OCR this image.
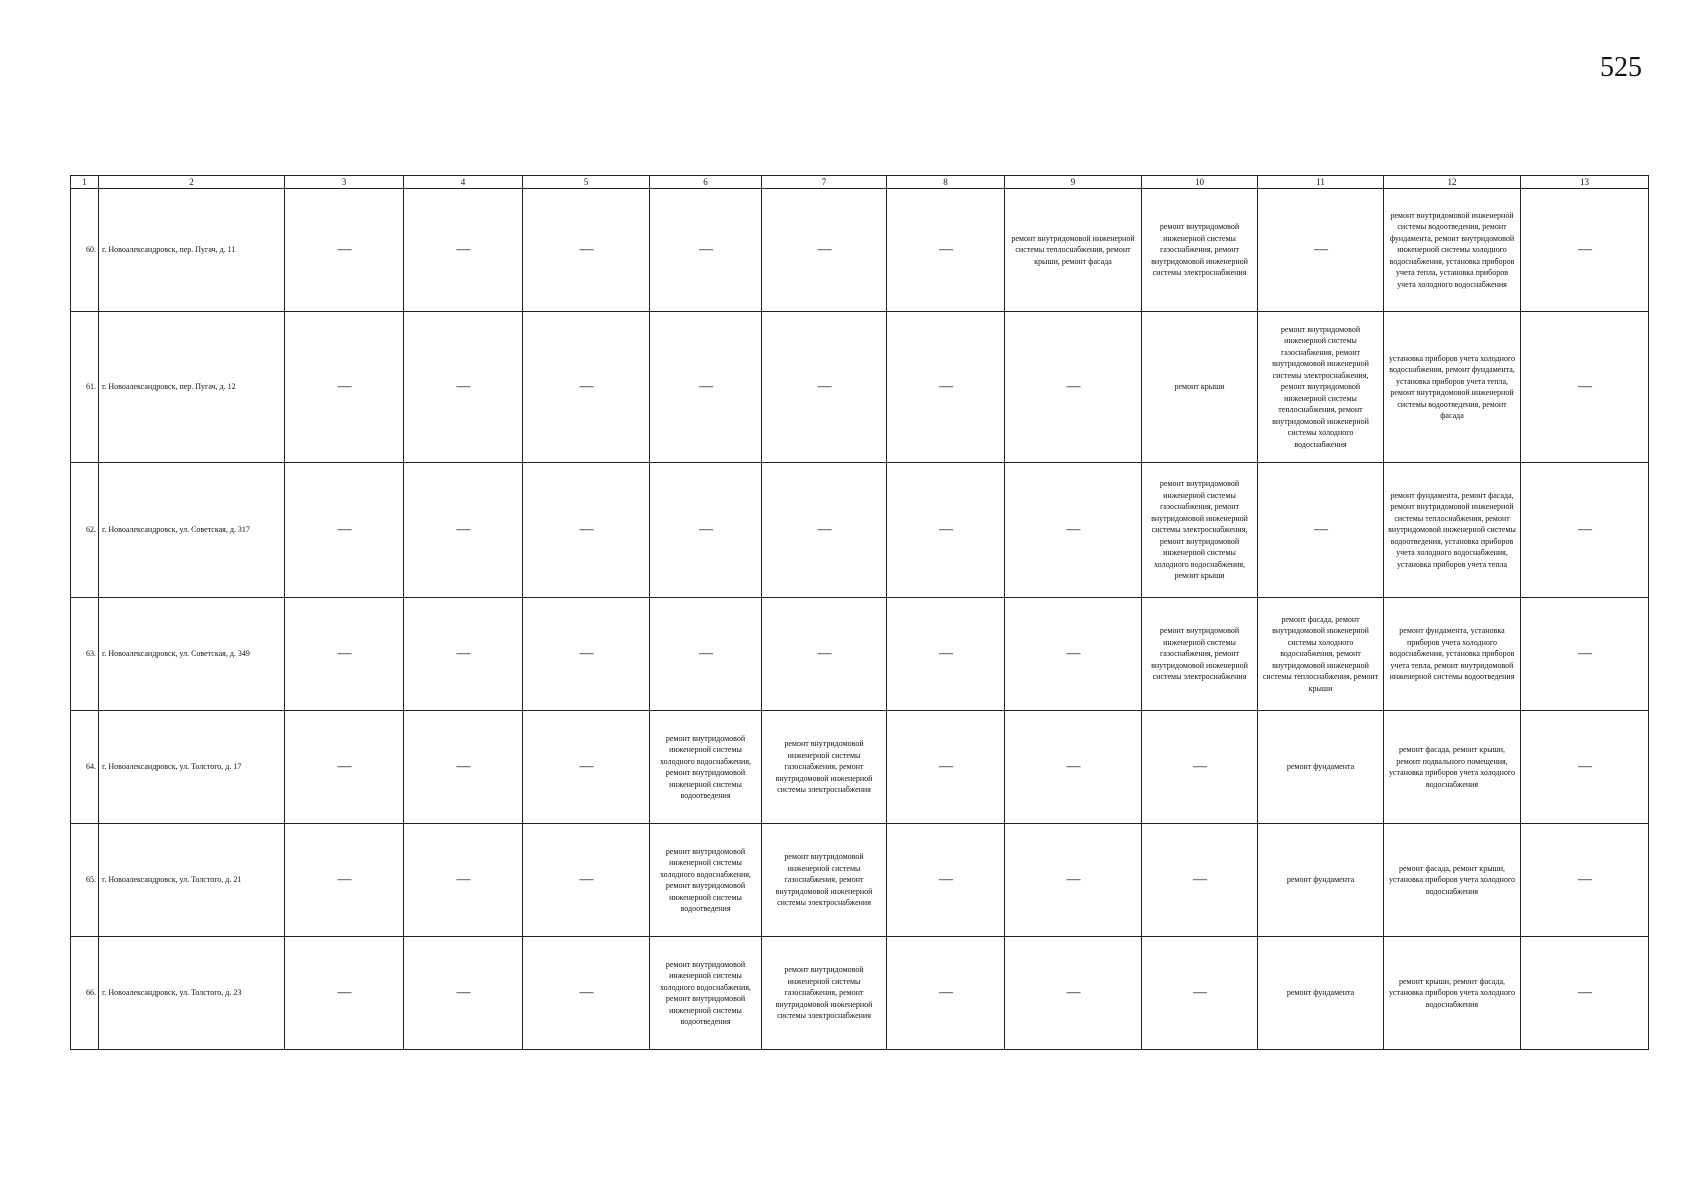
525
1	2	3	4	5	6	7	8	9	10	11	12	13
60.	г. Новоалександровск, пер. Пугач, д. 11	—	—	—	—	—	—	ремонт внутридомовой инженерной системы теплоснабжения, ремонт крыши, ремонт фасада	ремонт внутридомовой инженерной системы газоснабжения, ремонт внутридомовой инженерной системы электроснабжения	—	ремонт внутридомовой инженерной системы водоотведения, ремонт фундамента, ремонт внутридомовой инженерной системы холодного водоснабжения, установка приборов учета тепла, установка приборов учета холодного водоснабжения	—
61.	г. Новоалександровск, пер. Пугач, д. 12	—	—	—	—	—	—	—	ремонт крыши	ремонт внутридомовой инженерной системы газоснабжения, ремонт внутридомовой инженерной системы электроснабжения, ремонт внутридомовой инженерной системы теплоснабжения, ремонт внутридомовой инженерной системы холодного водоснабжения	установка приборов учета холодного водоснабжения, ремонт фундамента, установка приборов учета тепла, ремонт внутридомовой инженерной системы водоотведения, ремонт фасада	—
62.	г. Новоалександровск, ул. Советская, д. 317	—	—	—	—	—	—	—	ремонт внутридомовой инженерной системы газоснабжения, ремонт внутридомовой инженерной системы электроснабжения, ремонт внутридомовой инженерной системы холодного водоснабжения, ремонт крыши	—	ремонт фундамента, ремонт фасада, ремонт внутридомовой инженерной системы теплоснабжения, ремонт внутридомовой инженерной системы водоотведения, установка приборов учета холодного водоснабжения, установка приборов учета тепла	—
63.	г. Новоалександровск, ул. Советская, д. 349	—	—	—	—	—	—	—	ремонт внутридомовой инженерной системы газоснабжения, ремонт внутридомовой инженерной системы электроснабжения	ремонт фасада, ремонт внутридомовой инженерной системы холодного водоснабжения, ремонт внутридомовой инженерной системы теплоснабжения, ремонт крыши	ремонт фундамента, установка приборов учета холодного водоснабжения, установка приборов учета тепла, ремонт внутридомовой инженерной системы водоотведения	—
64.	г. Новоалександровск, ул. Толстого, д. 17	—	—	—	ремонт внутридомовой инженерной системы холодного водоснабжения, ремонт внутридомовой инженерной системы водоотведения	ремонт внутридомовой инженерной системы газоснабжения, ремонт внутридомовой инженерной системы электроснабжения	—	—	—	ремонт фундамента	ремонт фасада, ремонт крыши, ремонт подвального помещения, установка приборов учета холодного водоснабжения	—
65.	г. Новоалександровск, ул. Толстого, д. 21	—	—	—	ремонт внутридомовой инженерной системы холодного водоснабжения, ремонт внутридомовой инженерной системы водоотведения	ремонт внутридомовой инженерной системы газоснабжения, ремонт внутридомовой инженерной системы электроснабжения	—	—	—	ремонт фундамента	ремонт фасада, ремонт крыши, установка приборов учета холодного водоснабжения	—
66.	г. Новоалександровск, ул. Толстого, д. 23	—	—	—	ремонт внутридомовой инженерной системы холодного водоснабжения, ремонт внутридомовой инженерной системы водоотведения	ремонт внутридомовой инженерной системы газоснабжения, ремонт внутридомовой инженерной системы электроснабжения	—	—	—	ремонт фундамента	ремонт крыши, ремонт фасада, установка приборов учета холодного водоснабжения	—
